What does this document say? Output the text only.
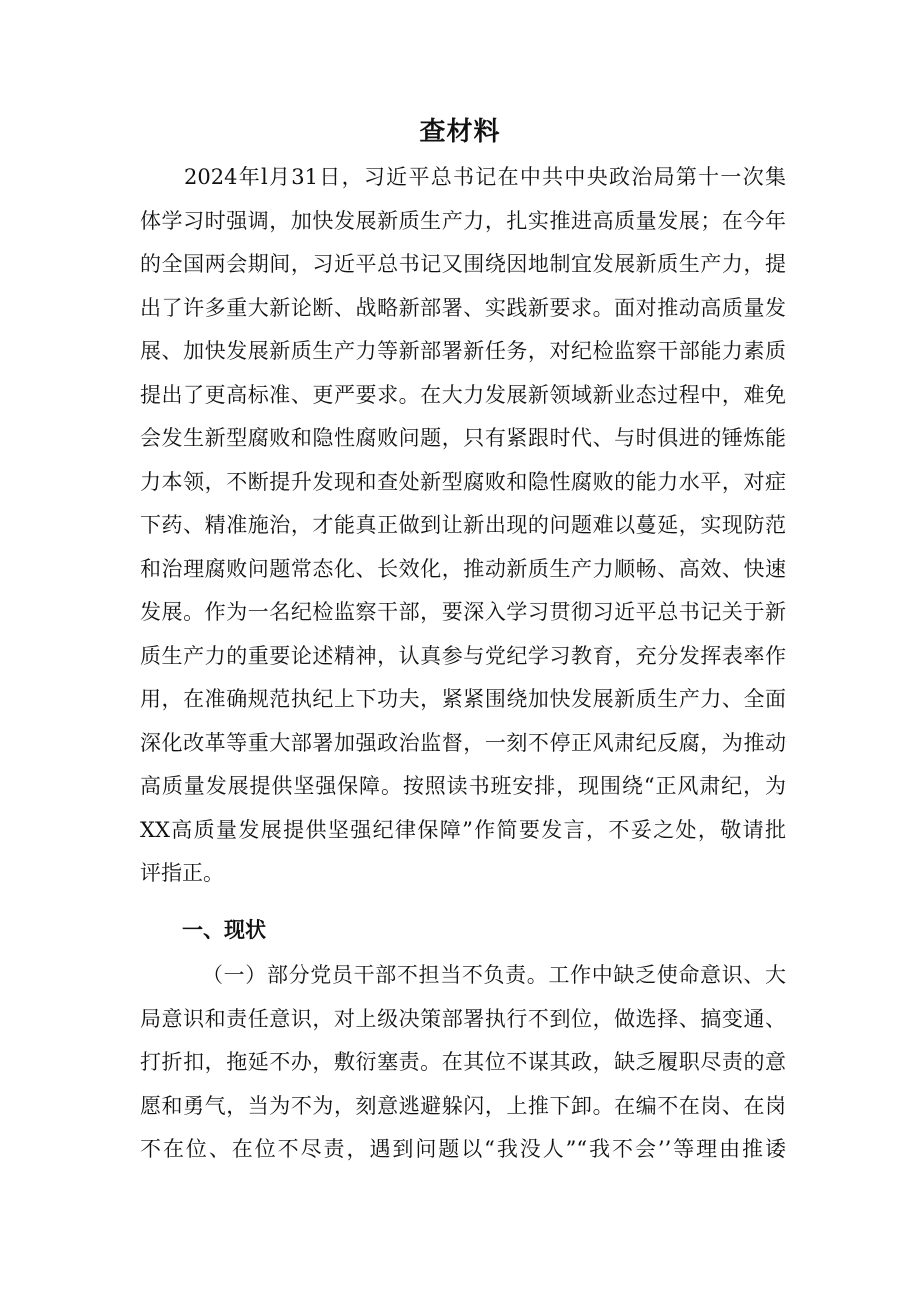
查材料
2024年l月31日，习近平总书记在中共中央政治局第十一次集
体学习时强调，加快发展新质生产力，扎实推进高质量发展；在今年
的全国两会期间，习近平总书记又围绕因地制宜发展新质生产力，提
出了许多重大新论断、战略新部署、实践新要求。面对推动高质量发
展、加快发展新质生产力等新部署新任务，对纪检监察干部能力素质
提出了更高标准、更严要求。在大力发展新领域新业态过程中，难免
会发生新型腐败和隐性腐败问题，只有紧跟时代、与时俱进的锤炼能
力本领，不断提升发现和查处新型腐败和隐性腐败的能力水平，对症
下药、精准施治，才能真正做到让新出现的问题难以蔓延，实现防范
和治理腐败问题常态化、长效化，推动新质生产力顺畅、高效、快速
发展。作为一名纪检监察干部，要深入学习贯彻习近平总书记关于新
质生产力的重要论述精神，认真参与党纪学习教育，充分发挥表率作
用，在准确规范执纪上下功夫，紧紧围绕加快发展新质生产力、全面
深化改革等重大部署加强政治监督，一刻不停正风肃纪反腐，为推动
高质量发展提供坚强保障。按照读书班安排，现围绕“正风肃纪，为
XX高质量发展提供坚强纪律保障”作简要发言，不妥之处，敬请批
评指正。
一、现状
（一）部分党员干部不担当不负责。工作中缺乏使命意识、大
局意识和责任意识，对上级决策部署执行不到位，做选择、搞变通、
打折扣，拖延不办，敷衍塞责。在其位不谋其政，缺乏履职尽责的意
愿和勇气，当为不为，刻意逃避躲闪，上推下卸。在编不在岗、在岗
不在位、在位不尽责，遇到问题以“我没人”“我不会’’等理由推诿
